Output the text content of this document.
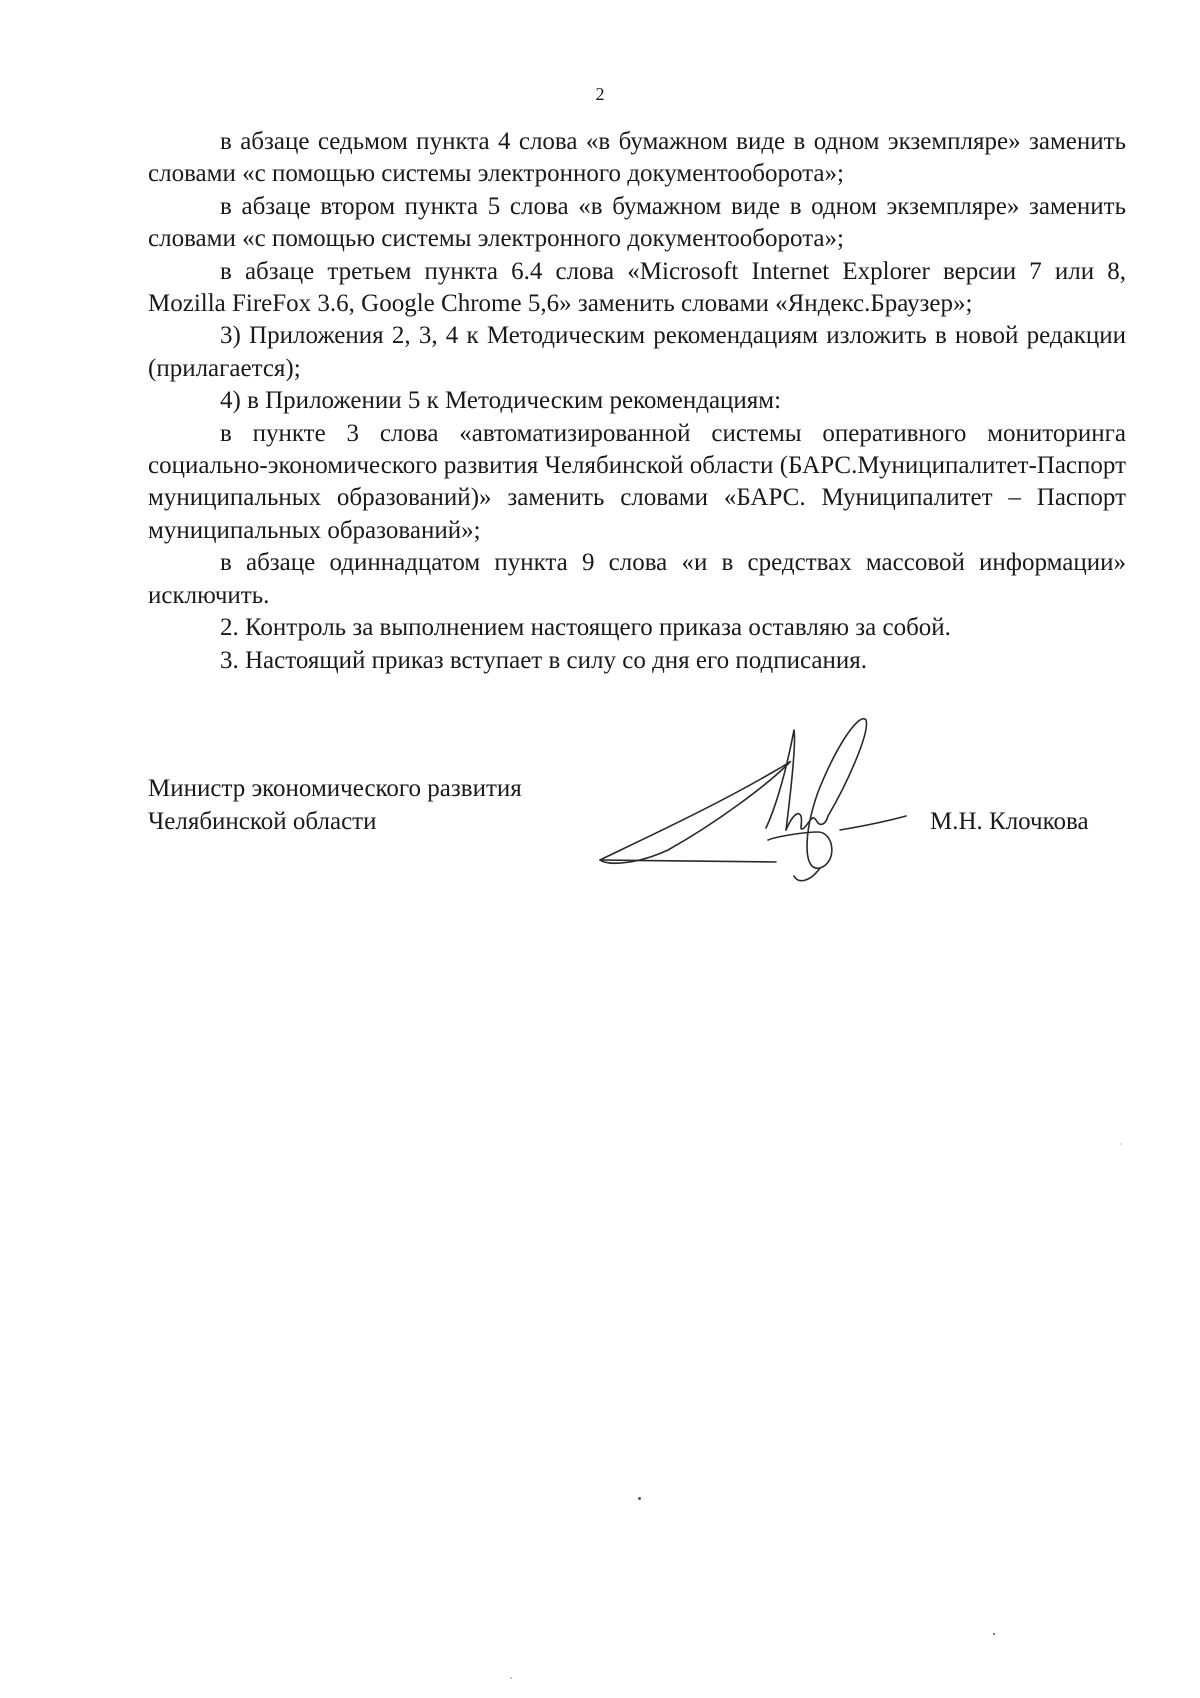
2

в абзаце седьмом пункта 4 слова «в бумажном виде в одном экземпляре» заменить словами «с помощью системы электронного документооборота»;

в абзаце втором пункта 5 слова «в бумажном виде в одном экземпляре» заменить словами «с помощью системы электронного документооборота»;

в абзаце третьем пункта 6.4 слова «Microsoft Internet Explorer версии 7 или 8, Mozilla FireFox 3.6, Google Chrome 5,6» заменить словами «Яндекс.Браузер»;

3) Приложения 2, 3, 4 к Методическим рекомендациям изложить в новой редакции (прилагается);

4) в Приложении 5 к Методическим рекомендациям:

в пункте 3 слова «автоматизированной системы оперативного мониторинга социально-экономического развития Челябинской области (БАРС.Муниципалитет-Паспорт муниципальных образований)» заменить словами «БАРС. Муниципалитет – Паспорт муниципальных образований»;

в абзаце одиннадцатом пункта 9 слова «и в средствах массовой информации» исключить.

2. Контроль за выполнением настоящего приказа оставляю за собой.

3. Настоящий приказ вступает в силу со дня его подписания.

Министр экономического развития
Челябинской области	М.Н. Клочкова
